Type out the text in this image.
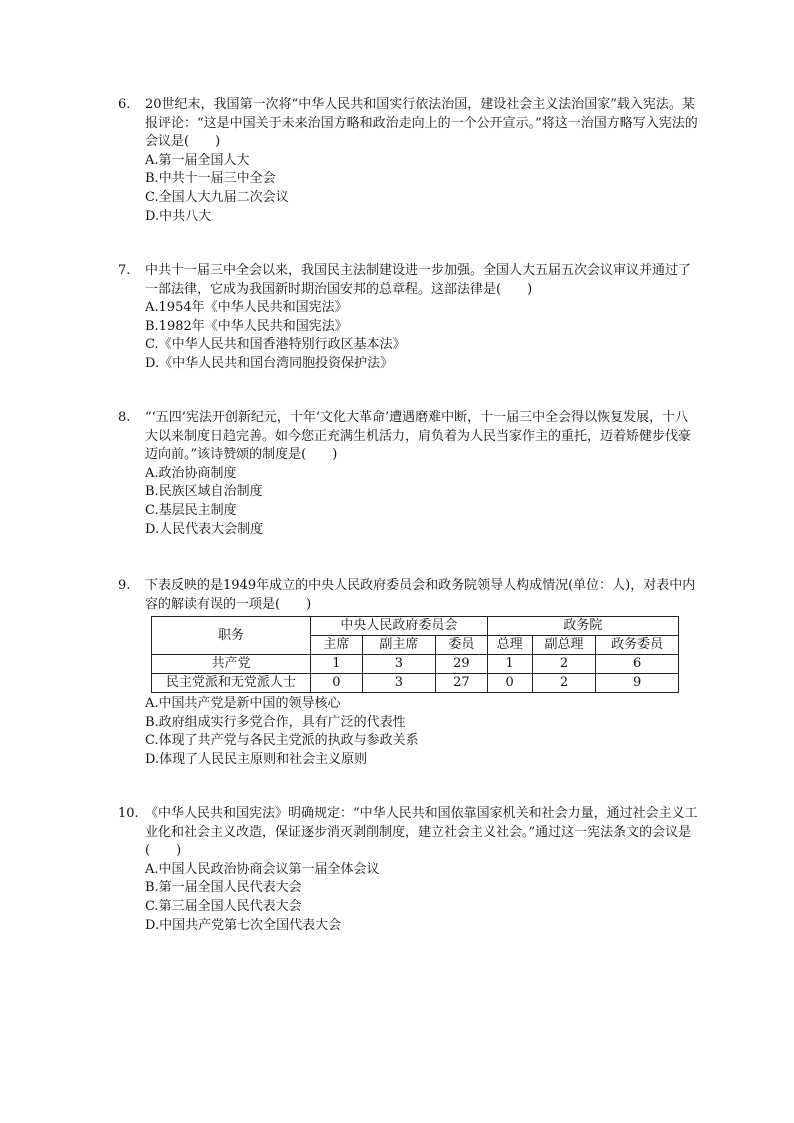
6. 20世纪末，我国第一次将“中华人民共和国实行依法治国，建设社会主义法治国家”载入宪法。某报评论：“这是中国关于未来治国方略和政治走向上的一个公开宣示。”将这一治国方略写入宪法的会议是(　　)

A.第一届全国人大

B.中共十一届三中全会

C.全国人大九届二次会议

D.中共八大

7. 中共十一届三中全会以来，我国民主法制建设进一步加强。全国人大五届五次会议审议并通过了一部法律，它成为我国新时期治国安邦的总章程。这部法律是(　　)

A.1954年《中华人民共和国宪法》

B.1982年《中华人民共和国宪法》

C.《中华人民共和国香港特别行政区基本法》

D.《中华人民共和国台湾同胞投资保护法》

8. “‘五四’宪法开创新纪元，十年‘文化大革命’遭遇磨难中断，十一届三中全会得以恢复发展，十八大以来制度日趋完善。如今您正充满生机活力，肩负着为人民当家作主的重托，迈着矫健步伐豪迈向前。”该诗赞颂的制度是(　　)

A.政治协商制度

B.民族区域自治制度

C.基层民主制度

D.人民代表大会制度

9. 下表反映的是1949年成立的中央人民政府委员会和政务院领导人构成情况(单位：人)，对表中内容的解读有误的一项是(　　)

职务	中央人民政府委员会			政务院		
	主席	副主席	委员	总理	副总理	政务委员
共产党	1	3	29	1	2	6
民主党派和无党派人士	0	3	27	0	2	9

A.中国共产党是新中国的领导核心

B.政府组成实行多党合作，具有广泛的代表性

C.体现了共产党与各民主党派的执政与参政关系

D.体现了人民民主原则和社会主义原则

10. 《中华人民共和国宪法》明确规定：“中华人民共和国依靠国家机关和社会力量，通过社会主义工业化和社会主义改造，保证逐步消灭剥削制度，建立社会主义社会。”通过这一宪法条文的会议是(　　)

A.中国人民政治协商会议第一届全体会议

B.第一届全国人民代表大会

C.第三届全国人民代表大会

D.中国共产党第七次全国代表大会
